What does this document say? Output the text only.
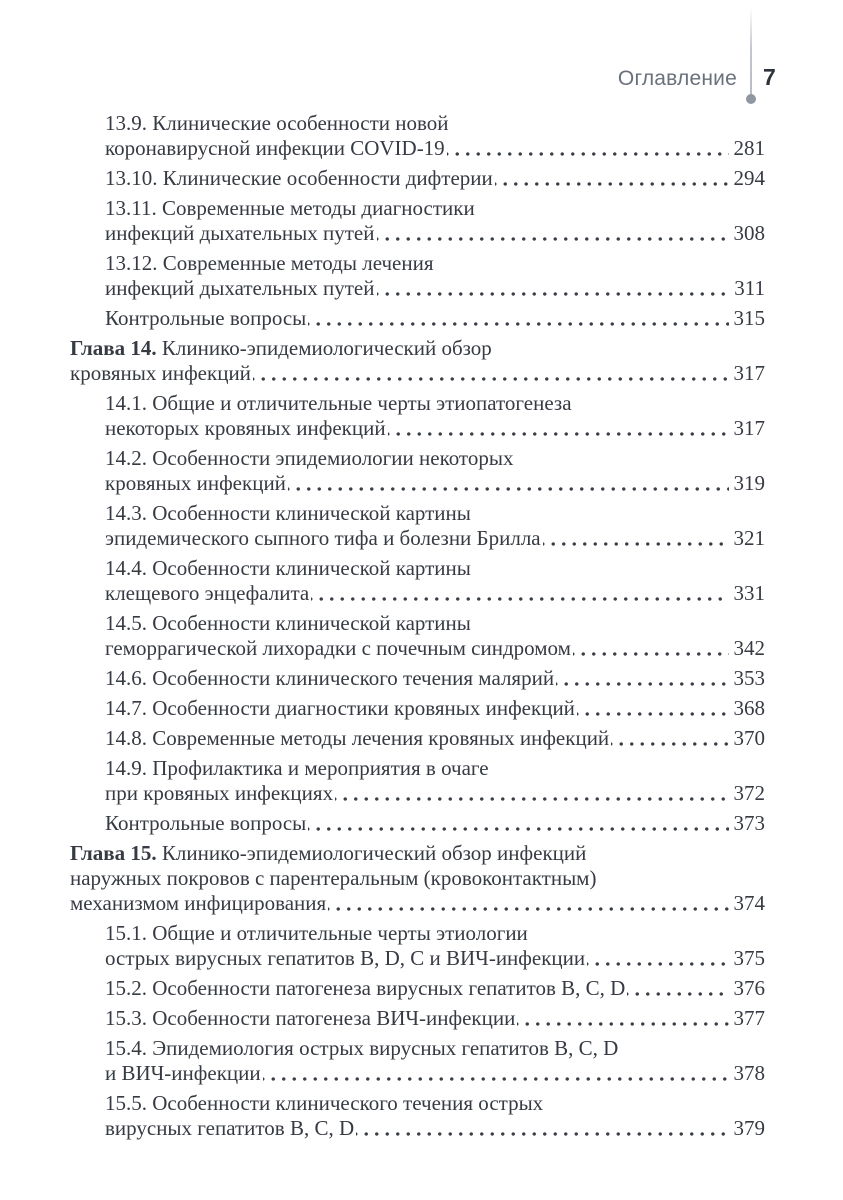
Оглавление 7
13.9. Клинические особенности новой
коронавирусной инфекции COVID-19	281
13.10. Клинические особенности дифтерии	294
13.11. Современные методы диагностики
инфекций дыхательных путей	308
13.12. Современные методы лечения
инфекций дыхательных путей	311
Контрольные вопросы	315
Глава 14. Клинико-эпидемиологический обзор
кровяных инфекций	317
14.1. Общие и отличительные черты этиопатогенеза
некоторых кровяных инфекций	317
14.2. Особенности эпидемиологии некоторых
кровяных инфекций	319
14.3. Особенности клинической картины
эпидемического сыпного тифа и болезни Брилла	321
14.4. Особенности клинической картины
клещевого энцефалита	331
14.5. Особенности клинической картины
геморрагической лихорадки с почечным синдромом	342
14.6. Особенности клинического течения малярий	353
14.7. Особенности диагностики кровяных инфекций	368
14.8. Современные методы лечения кровяных инфекций	370
14.9. Профилактика и мероприятия в очаге
при кровяных инфекциях	372
Контрольные вопросы	373
Глава 15. Клинико-эпидемиологический обзор инфекций
наружных покровов с парентеральным (кровоконтактным)
механизмом инфицирования	374
15.1. Общие и отличительные черты этиологии
острых вирусных гепатитов B, D, C и ВИЧ-инфекции	375
15.2. Особенности патогенеза вирусных гепатитов B, C, D	376
15.3. Особенности патогенеза ВИЧ-инфекции	377
15.4. Эпидемиология острых вирусных гепатитов B, C, D
и ВИЧ-инфекции	378
15.5. Особенности клинического течения острых
вирусных гепатитов B, C, D	379
